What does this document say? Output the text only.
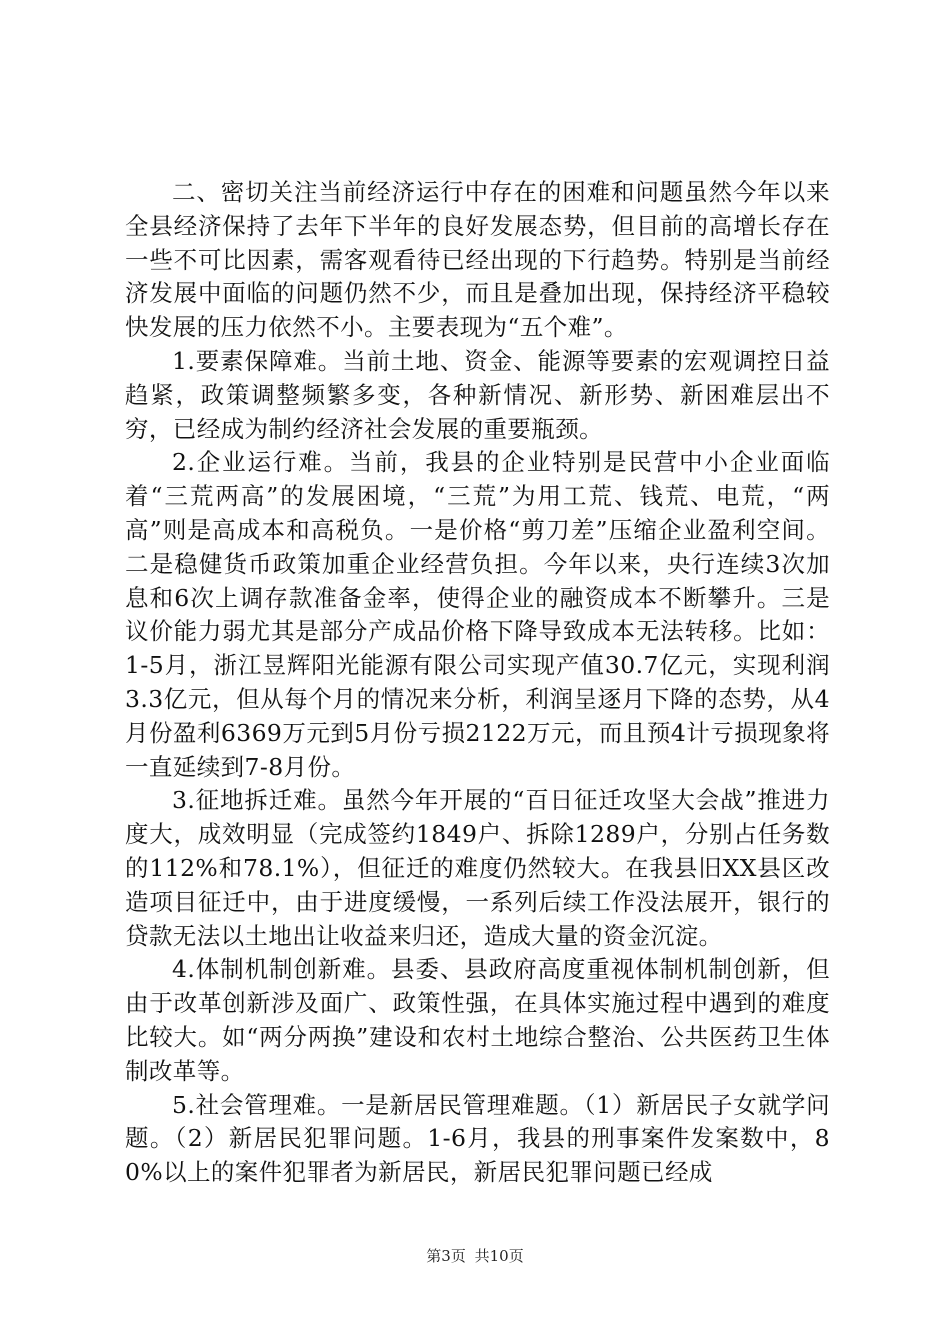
二、密切关注当前经济运行中存在的困难和问题虽然今年以来全县经济保持了去年下半年的良好发展态势，但目前的高增长存在一些不可比因素，需客观看待已经出现的下行趋势。特别是当前经济发展中面临的问题仍然不少，而且是叠加出现，保持经济平稳较快发展的压力依然不小。主要表现为“五个难”。

1.要素保障难。当前土地、资金、能源等要素的宏观调控日益趋紧，政策调整频繁多变，各种新情况、新形势、新困难层出不穷，已经成为制约经济社会发展的重要瓶颈。

2.企业运行难。当前，我县的企业特别是民营中小企业面临着“三荒两高”的发展困境，“三荒”为用工荒、钱荒、电荒，“两高”则是高成本和高税负。一是价格“剪刀差”压缩企业盈利空间。二是稳健货币政策加重企业经营负担。今年以来，央行连续3次加息和6次上调存款准备金率，使得企业的融资成本不断攀升。三是议价能力弱尤其是部分产成品价格下降导致成本无法转移。比如：1-5月，浙江昱辉阳光能源有限公司实现产值30.7亿元，实现利润3.3亿元，但从每个月的情况来分析，利润呈逐月下降的态势，从4月份盈利6369万元到5月份亏损2122万元，而且预4计亏损现象将一直延续到7-8月份。

3.征地拆迁难。虽然今年开展的“百日征迁攻坚大会战”推进力度大，成效明显（完成签约1849户、拆除1289户，分别占任务数的112%和78.1%），但征迁的难度仍然较大。在我县旧XX县区改造项目征迁中，由于进度缓慢，一系列后续工作没法展开，银行的贷款无法以土地出让收益来归还，造成大量的资金沉淀。

4.体制机制创新难。县委、县政府高度重视体制机制创新，但由于改革创新涉及面广、政策性强，在具体实施过程中遇到的难度比较大。如“两分两换”建设和农村土地综合整治、公共医药卫生体制改革等。

5.社会管理难。一是新居民管理难题。（1）新居民子女就学问题。（2）新居民犯罪问题。1-6月，我县的刑事案件发案数中，80%以上的案件犯罪者为新居民，新居民犯罪问题已经成

第3页 共10页
